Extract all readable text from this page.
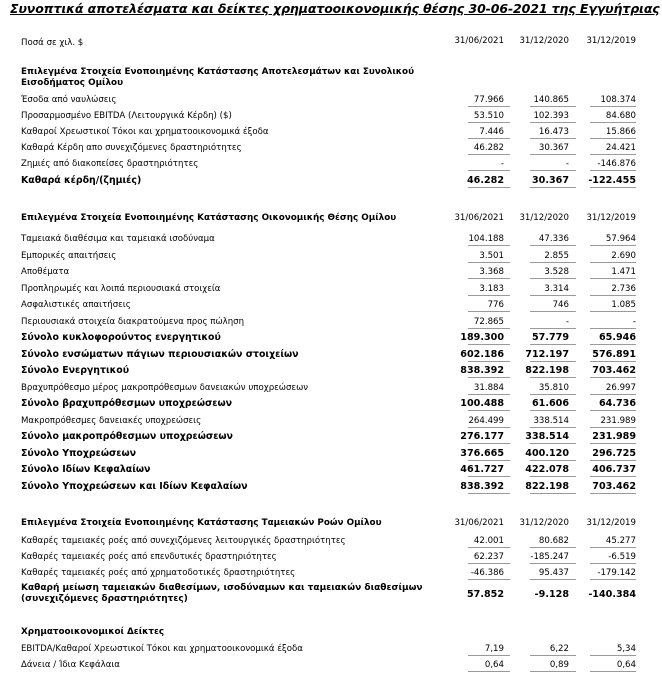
Συνοπτικά αποτελέσματα και δείκτες χρηματοοικονομικής θέσης 30-06-2021 της Εγγυήτριας
Ποσά σε χιλ. $	31/06/2021 31/12/2020 31/12/2019
Επιλεγμένα Στοιχεία Ενοποιημένης Κατάστασης Αποτελεσμάτων και Συνολικού Εισοδήματος Ομίλου
Έσοδα από ναυλώσεις	77.966	140.865	108.374
Προσαρμοσμένο EBITDA (Λειτουργικά Κέρδη) ($)	53.510	102.393	84.680
Καθαροί Χρεωστικοί Τόκοι και χρηματοοικονομικά έξοδα	7.446	16.473	15.866
Καθαρά Κέρδη απο συνεχιζόμενες δραστηριότητες	46.282	30.367	24.421
Ζημιές από διακοπείσες δραστηριότητες	-	-	-146.876
Καθαρά κέρδη/(ζημιές)	46.282	30.367 -122.455
Επιλεγμένα Στοιχεία Ενοποιημένης Κατάστασης Οικονομικής Θέσης Ομίλου	31/06/2021 31/12/2020 31/12/2019
Ταμειακά διαθέσιμα και ταμειακά ισοδύναμα	104.188	47.336	57.964
Εμπορικές απαιτήσεις	3.501	2.855	2.690
Αποθέματα	3.368	3.528	1.471
Προπληρωμές και λοιπά περιουσιακά στοιχεία	3.183	3.314	2.736
Ασφαλιστικές απαιτήσεις	776	746	1.085
Περιουσιακά στοιχεία διακρατούμενα προς πώληση	72.865	-	-
Σύνολο κυκλοφορούντος ενεργητικού	189.300	57.779	65.946
Σύνολο ενσώματων πάγιων περιουσιακών στοιχείων	602.186 712.197 576.891
Σύνολο Ενεργητικού	838.392 822.198 703.462
Βραχυπρόθεσμο μέρος μακροπρόθεσμων δανειακών υποχρεώσεων	31.884	35.810	26.997
Σύνολο βραχυπρόθεσμων υποχρεώσεων	100.488	61.606	64.736
Μακροπρόθεσμες δανειακές υποχρεώσεις	264.499	338.514	231.989
Σύνολο μακροπρόθεσμων υποχρεώσεων	276.177 338.514 231.989
Σύνολο Υποχρεώσεων	376.665 400.120 296.725
Σύνολο Ιδίων Κεφαλαίων	461.727 422.078 406.737
Σύνολο Υποχρεώσεων και Ιδίων Κεφαλαίων	838.392 822.198 703.462
Επιλεγμένα Στοιχεία Ενοποιημένης Κατάστασης Ταμειακών Ροών Ομίλου	31/06/2021 31/12/2020 31/12/2019
Καθαρές ταμειακές ροές από συνεχιζόμενες λειτουργικές δραστηριότητες	42.001	80.682	45.277
Καθαρές ταμειακές ροές από επενδυτικές δραστηριότητες	62.237	-185.247	-6.519
Καθαρές ταμειακές ροές από χρηματοδοτικές δραστηριότητες	-46.386	95.437	-179.142
Καθαρή μείωση ταμειακών διαθεσίμων, ισοδύναμων και ταμειακών διαθεσίμων
(συνεχιζόμενες δραστηριότητες)	57.852	-9.128 -140.384
Χρηματοοικονομικοί Δείκτες
EBITDA/Καθαροί Χρεωστικοί Τόκοι και χρηματοοικονομικά έξοδα	7,19	6,22	5,34
Δάνεια / Ίδια Κεφάλαια	0,64	0,89	0,64
